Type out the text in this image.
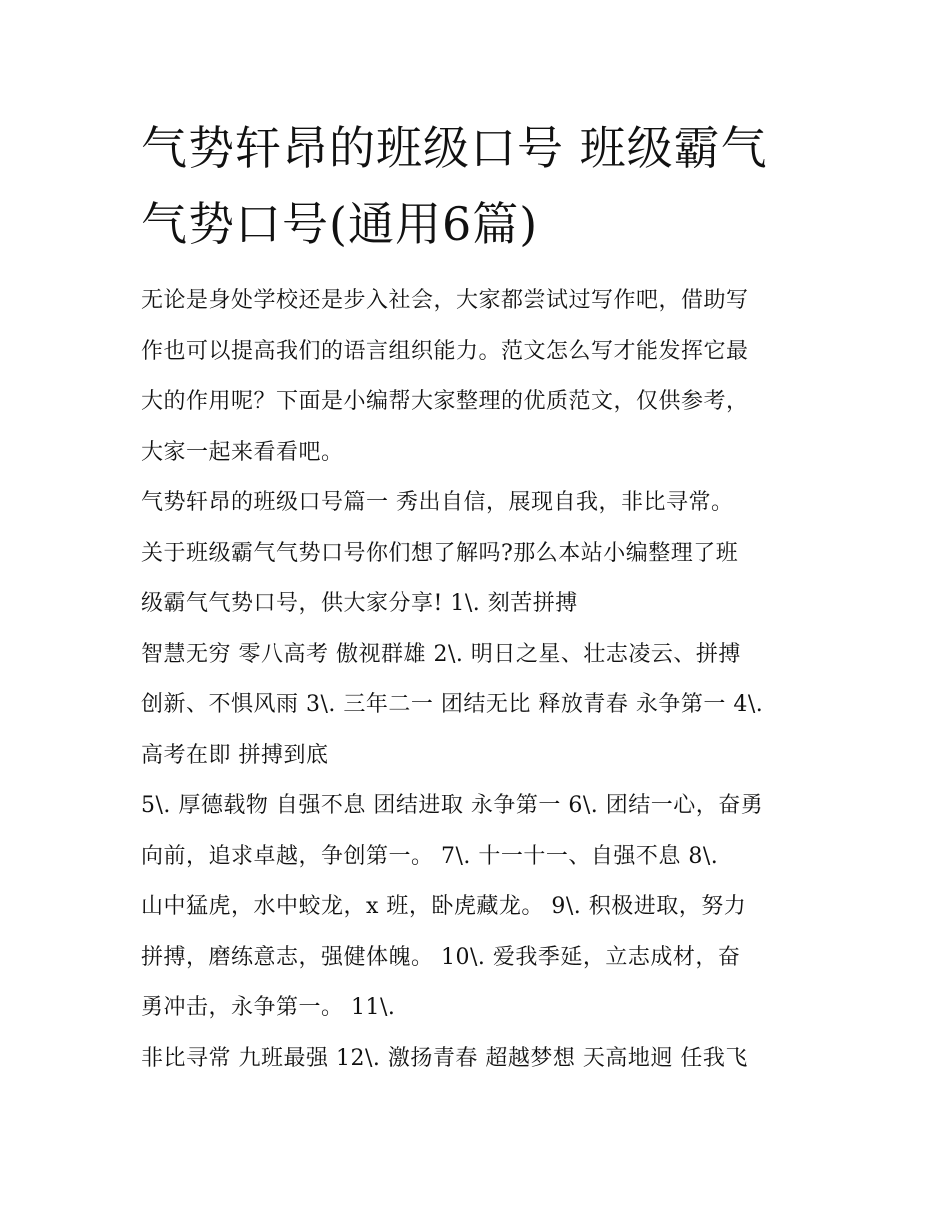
气势轩昂的班级口号 班级霸气
气势口号(通用6篇)

无论是身处学校还是步入社会，大家都尝试过写作吧，借助写
作也可以提高我们的语言组织能力。范文怎么写才能发挥它最
大的作用呢？下面是小编帮大家整理的优质范文，仅供参考，
大家一起来看看吧。

气势轩昂的班级口号篇一 秀出自信，展现自我，非比寻常。

关于班级霸气气势口号你们想了解吗?那么本站小编整理了班
级霸气气势口号，供大家分享! 1\. 刻苦拼搏

智慧无穷 零八高考 傲视群雄 2\. 明日之星、壮志凌云、拼搏
创新、不惧风雨 3\. 三年二一 团结无比 释放青春 永争第一 4\.
高考在即 拼搏到底

5\. 厚德载物 自强不息 团结进取 永争第一 6\. 团结一心，奋勇
向前，追求卓越，争创第一。 7\. 十一十一、自强不息 8\.
山中猛虎，水中蛟龙，x 班，卧虎藏龙。 9\. 积极进取，努力
拼搏，磨练意志，强健体魄。 10\. 爱我季延，立志成材，奋
勇冲击，永争第一。 11\.

非比寻常 九班最强 12\. 激扬青春 超越梦想 天高地迥 任我飞
